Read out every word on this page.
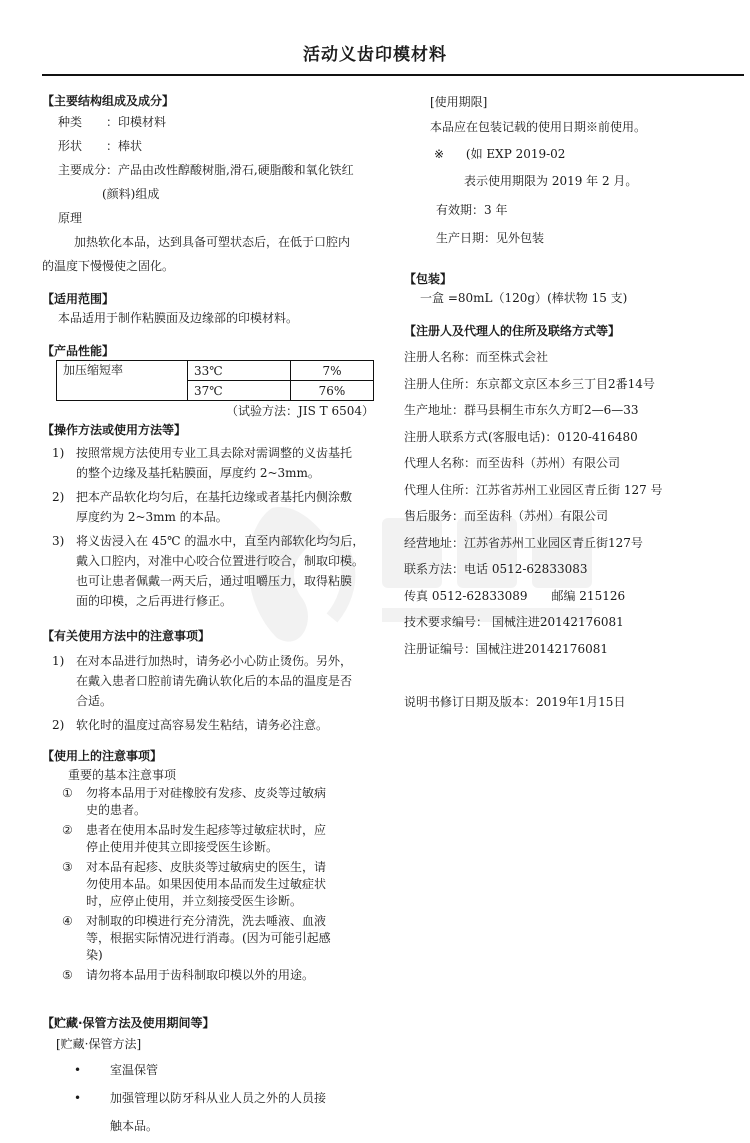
活动义齿印模材料

【主要结构组成及成分】

种类　　：印模材料

形状　　：棒状

主要成分：产品由改性醇酸树脂,滑石,硬脂酸和氧化铁红

(颜料)组成

原理

加热软化本品，达到具备可塑状态后，在低于口腔内

的温度下慢慢使之固化。

【适用范围】

本品适用于制作粘膜面及边缘部的印模材料。

【产品性能】

加压缩短率	33℃	7%
	37℃	76%

（试验方法：JIS T 6504）

【操作方法或使用方法等】

1) 按照常规方法使用专业工具去除对需调整的义齿基托
的整个边缘及基托粘膜面，厚度约 2~3mm。
2) 把本产品软化均匀后，在基托边缘或者基托内侧涂敷
厚度约为 2~3mm 的本品。
3) 将义齿浸入在 45℃ 的温水中，直至内部软化均匀后，
戴入口腔内，对准中心咬合位置进行咬合，制取印模。
也可让患者佩戴一两天后，通过咀嚼压力，取得粘膜
面的印模，之后再进行修正。

【有关使用方法中的注意事项】

1) 在对本品进行加热时，请务必小心防止烫伤。另外，
在戴入患者口腔前请先确认软化后的本品的温度是否
合适。
2) 软化时的温度过高容易发生粘结，请务必注意。

【使用上的注意事项】

重要的基本注意事项

① 勿将本品用于对硅橡胶有发疹、皮炎等过敏病
史的患者。
② 患者在使用本品时发生起疹等过敏症状时，应
停止使用并使其立即接受医生诊断。
③ 对本品有起疹、皮肤炎等过敏病史的医生，请
勿使用本品。如果因使用本品而发生过敏症状
时，应停止使用，并立刻接受医生诊断。
④ 对制取的印模进行充分清洗，洗去唾液、血液
等，根据实际情况进行消毒。(因为可能引起感
染)
⑤ 请勿将本品用于齿科制取印模以外的用途。

【贮藏·保管方法及使用期间等】

[贮藏·保管方法]

• 室温保管
• 加强管理以防牙科从业人员之外的人员接
触本品。

[使用期限]

本品应在包装记载的使用日期※前使用。

※ (如 EXP 2019-02

表示使用期限为 2019 年 2 月。

有效期：3 年

生产日期：见外包装

【包装】

一盒 =80mL（120g）(棒状物 15 支)

【注册人及代理人的住所及联络方式等】

注册人名称：而至株式会社

注册人住所：东京都文京区本乡三丁目2番14号

生产地址：群马县桐生市东久方町2—6—33

注册人联系方式(客服电话)：0120-416480

代理人名称：而至齿科（苏州）有限公司

代理人住所：江苏省苏州工业园区青丘街 127 号

售后服务：而至齿科（苏州）有限公司

经营地址：江苏省苏州工业园区青丘街127号

联系方法：电话 0512-62833083

传真 0512-62833089　　邮编 215126

技术要求编号： 国械注进20142176081

注册证编号：国械注进20142176081

说明书修订日期及版本：2019年1月15日
